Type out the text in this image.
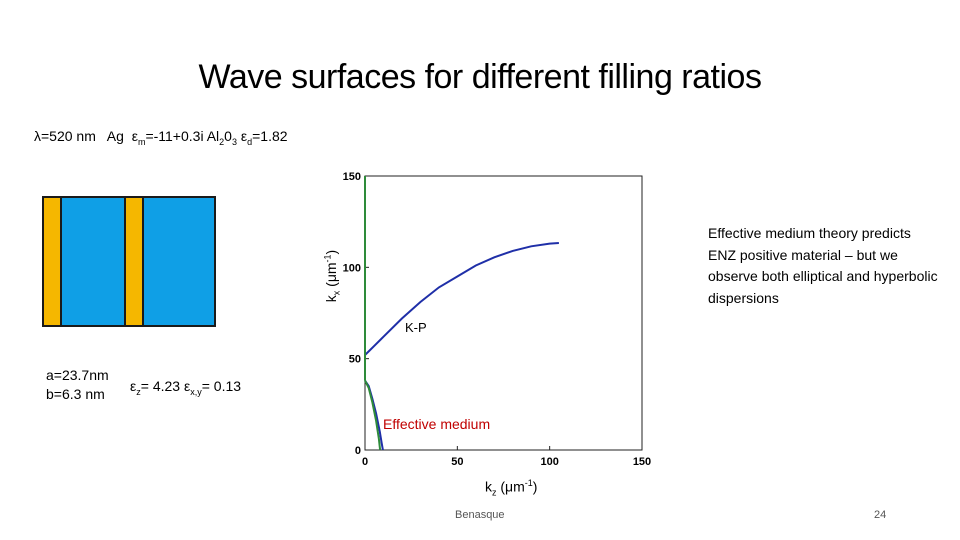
Wave surfaces for different filling ratios
λ=520 nm Ag $\varepsilon_m=-11+0.3i$ $Al_20_3$ $\varepsilon_d=1.82$
a=23.7nm
b=6.3 nm $\varepsilon_z= 4.23$ $\varepsilon_{x,y}= 0.13$
$k_x$ $(\mu m^{-1})$
0	50	100	150
0
50
100
150
K-P
Effective medium
Effective medium theory predicts ENZ positive material – but we observe both elliptical and hyperbolic dispersions
$k_z$ $(\mu m^{-1})$
Benasque	24
